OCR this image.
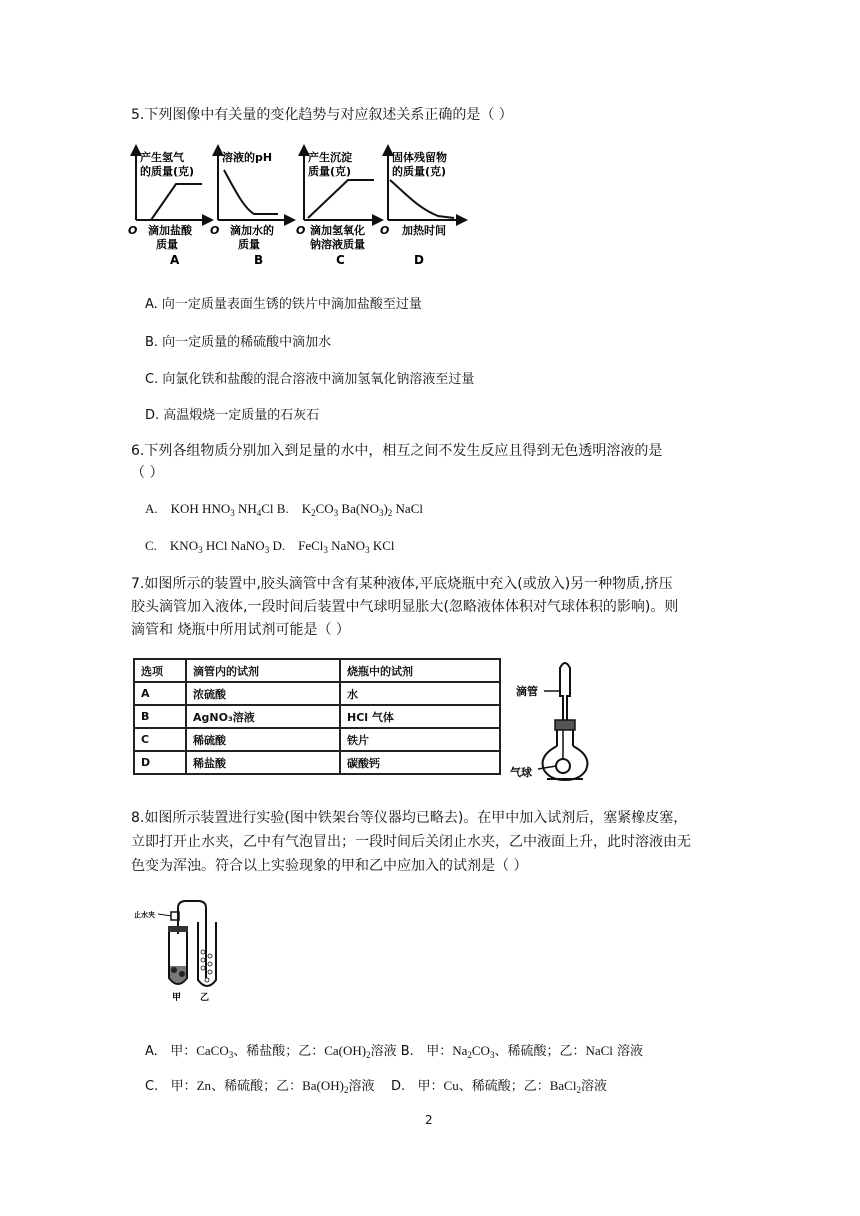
5.下列图像中有关量的变化趋势与对应叙述关系正确的是（ ）
产生氢气
的质量(克)
O 滴加盐酸
质量
A
溶液的pH
O 滴加水的
质量
B
产生沉淀
质量(克)
O 滴加氢氧化
钠溶液质量
C
固体残留物
的质量(克)
O 加热时间
D
A. 向一定质量表面生锈的铁片中滴加盐酸至过量
B. 向一定质量的稀硫酸中滴加水
C. 向氯化铁和盐酸的混合溶液中滴加氢氧化钠溶液至过量
D. 高温煅烧一定质量的石灰石
6.下列各组物质分别加入到足量的水中，相互之间不发生反应且得到无色透明溶液的是
（ ）
A.    KOH $HNO_3$ $NH_4Cl$ B.    $K_2CO_3$ $Ba(NO_3)_2$ NaCl
C.    $KNO_3$ HCl NaNO$_3$ D.    FeCl$_3$ NaNO$_3$ KCl
7.如图所示的装置中,胶头滴管中含有某种液体,平底烧瓶中充入(或放入)另一种物质,挤压
胶头滴管加入液体,一段时间后装置中气球明显胀大(忽略液体体积对气球体积的影响)。则
滴管和 烧瓶中所用试剂可能是（ ）
选项	滴管内的试剂	烧瓶中的试剂
A	浓硫酸	水
B	AgNO₃溶液	HCl 气体
C	稀硫酸	铁片
D	稀盐酸	碳酸钙
滴管
气球
8.如图所示装置进行实验(图中铁架台等仪器均已略去)。在甲中加入试剂后，塞紧橡皮塞，
立即打开止水夹，乙中有气泡冒出；一段时间后关闭止水夹，乙中液面上升，此时溶液由无
色变为浑浊。符合以上实验现象的甲和乙中应加入的试剂是（ ）
止水夹
甲 乙
A.   甲：CaCO$_3$、稀盐酸；乙：$Ca(OH)_2$溶液 B.   甲：$Na_2CO_3$、稀硫酸；乙：NaCl 溶液
C.   甲：Zn、稀硫酸；乙：$Ba(OH)_2$溶液    D.   甲：Cu、稀硫酸；乙：BaCl$_2$溶液
2
